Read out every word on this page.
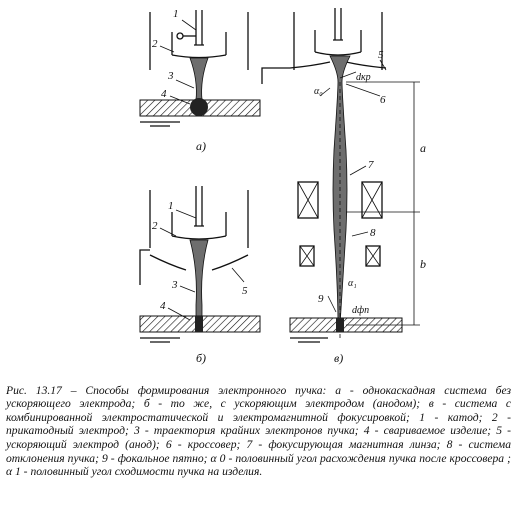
1
2
3
4
а)
1
2
3
4
5
б)
а
b
5
dкр
α₀
6
7
8
α₁
9
dфп
в)

Рис. 13.17 – Способы формирования электронного пучка: а - однокаскадная система без ускоряющего электрода; б - то же, с ускоряющим электродом (анодом); в - система с комбинированной электростатической и электромагнитной фокусировкой; 1 - катод; 2 - прикатодный электрод; 3 - траектория крайних электронов пучка; 4 - свариваемое изделие; 5 - ускоряющий электрод (анод); 6 - кроссовер; 7 - фокусирующая магнитная линза; 8 - система отклонения пучка; 9 - фокальное пятно; α 0 - половинный угол расхождения пучка после кроссовера ; α 1 - половинный угол сходимости пучка на изделия.
